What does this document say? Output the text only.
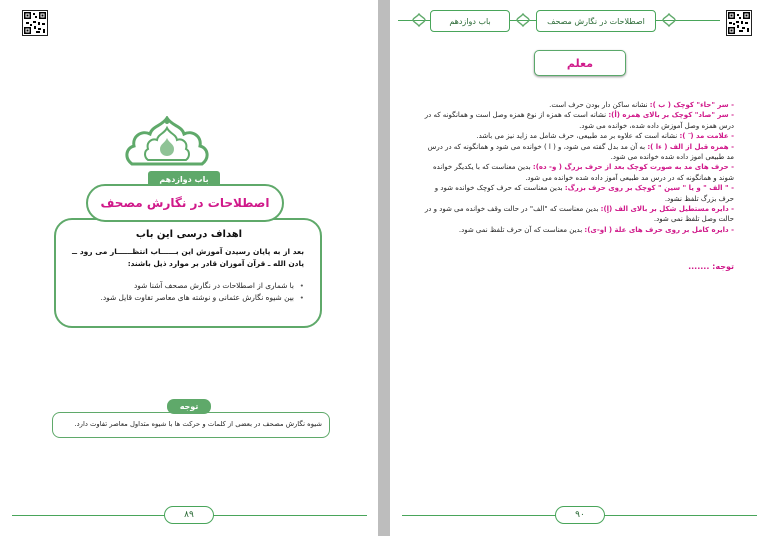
باب دوازدهم
اصطلاحات در نگارش مصحف
اهداف درسی این باب
بعد از به پایان رسیدن آموزش این بــــــاب انتظــــــار می رود ــ یادن الله ـ قرآن آموزان قادر بر موارد ذیل باشند:
• با شماری از اصطلاحات در نگارش مصحف آشنا شود
• بین شیوه نگارش عثمانی و نوشته های معاصر تفاوت قایل شود.
توجه
شیوه نگارش مصحف در بعضی از کلمات و حرکت ها با شیوه متداول معاصر تفاوت دارد.
۸۹
باب دوازدهم	اصطلاحات در نگارش مصحف
معلم

- سر "حاء" کوچک ( ب ): نشانه ساکن دار بودن حرف است.

- سر "صاد" کوچک بر بالای همزه (أ): نشانه است که همزه از نوع همزه وصل است و همانگونه که در درس همزه وصل آموزش داده شده، خوانده می شود.

- علامت مد ( ٓ ): نشانه است که علاوه بر مد طبیعی، حرف شامل مد زاید نیز می باشد.

- همزه قبل از الف ( ءا ): به آن مد بدل گفته می شود، و ( ا ) خوانده می شود و همانگونه که در درس مد طبیعی اموز داده شده خوانده می شود.

- حرف های مد به صورت کوچک بعد از حرف بزرگ ( و- ده): بدین معناست که با یکدیگر خوانده شوند و همانگونه که در درس مد طبیعی آموز داده شده خوانده می شود.

- " الف " و یا " سین " کوچک بر روی حرف بزرگ: بدین معناست که حرف کوچک خوانده شود و حرف بزرگ تلفظ نشود.

- دایره مستطیل شکل بر بالای الف (اٍ): بدین معناست که "الف" در حالت وقف خوانده می شود و در حالت وصل تلفظ نمی شود.

- دایره کامل بر روی حرف های علة ( او-ی): بدین معناست که آن حرف تلفظ نمی شود.

توجه: .......
۹۰
